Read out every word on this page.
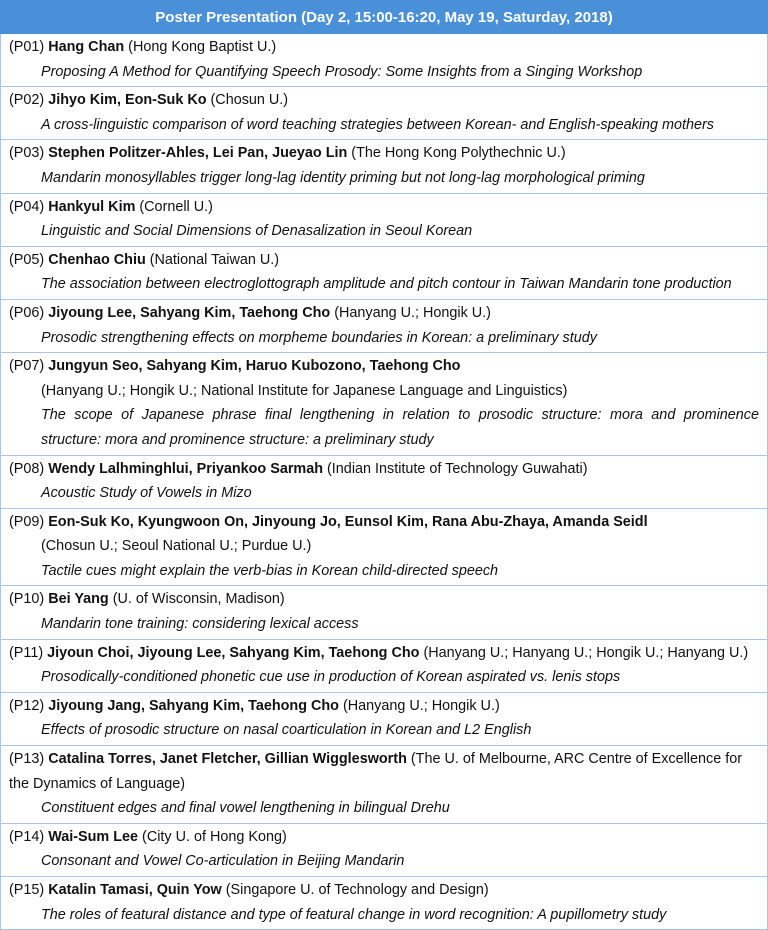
Poster Presentation (Day 2, 15:00-16:20, May 19, Saturday, 2018)
(P01) Hang Chan (Hong Kong Baptist U.)
Proposing A Method for Quantifying Speech Prosody: Some Insights from a Singing Workshop
(P02) Jihyo Kim, Eon-Suk Ko (Chosun U.)
A cross-linguistic comparison of word teaching strategies between Korean- and English-speaking mothers
(P03) Stephen Politzer-Ahles, Lei Pan, Jueyao Lin (The Hong Kong Polythechnic U.)
Mandarin monosyllables trigger long-lag identity priming but not long-lag morphological priming
(P04) Hankyul Kim (Cornell U.)
Linguistic and Social Dimensions of Denasalization in Seoul Korean
(P05) Chenhao Chiu (National Taiwan U.)
The association between electroglottograph amplitude and pitch contour in Taiwan Mandarin tone production
(P06) Jiyoung Lee, Sahyang Kim, Taehong Cho (Hanyang U.; Hongik U.)
Prosodic strengthening effects on morpheme boundaries in Korean: a preliminary study
(P07) Jungyun Seo, Sahyang Kim, Haruo Kubozono, Taehong Cho
(Hanyang U.; Hongik U.; National Institute for Japanese Language and Linguistics)
The scope of Japanese phrase final lengthening in relation to prosodic structure: mora and prominence structure: mora and prominence structure: a preliminary study
(P08) Wendy Lalhminghlui, Priyankoo Sarmah (Indian Institute of Technology Guwahati)
Acoustic Study of Vowels in Mizo
(P09) Eon-Suk Ko, Kyungwoon On, Jinyoung Jo, Eunsol Kim, Rana Abu-Zhaya, Amanda Seidl
(Chosun U.; Seoul National U.; Purdue U.)
Tactile cues might explain the verb-bias in Korean child-directed speech
(P10) Bei Yang (U. of Wisconsin, Madison)
Mandarin tone training: considering lexical access
(P11) Jiyoun Choi, Jiyoung Lee, Sahyang Kim, Taehong Cho (Hanyang U.; Hanyang U.; Hongik U.; Hanyang U.)
Prosodically-conditioned phonetic cue use in production of Korean aspirated vs. lenis stops
(P12) Jiyoung Jang, Sahyang Kim, Taehong Cho (Hanyang U.; Hongik U.)
Effects of prosodic structure on nasal coarticulation in Korean and L2 English
(P13) Catalina Torres, Janet Fletcher, Gillian Wigglesworth (The U. of Melbourne, ARC Centre of Excellence for the Dynamics of Language)
Constituent edges and final vowel lengthening in bilingual Drehu
(P14) Wai-Sum Lee (City U. of Hong Kong)
Consonant and Vowel Co-articulation in Beijing Mandarin
(P15) Katalin Tamasi, Quin Yow (Singapore U. of Technology and Design)
The roles of featural distance and type of featural change in word recognition: A pupillometry study
